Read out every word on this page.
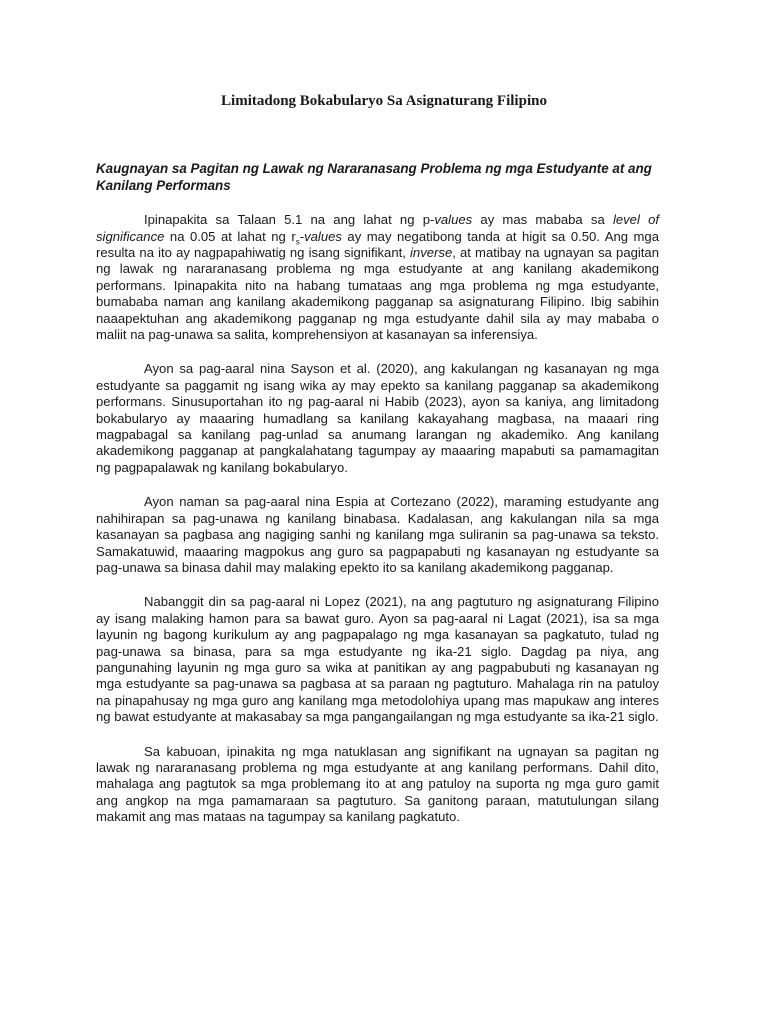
Limitadong Bokabularyo Sa Asignaturang Filipino

Kaugnayan sa Pagitan ng Lawak ng Nararanasang Problema ng mga Estudyante at ang Kanilang Performans

Ipinapakita sa Talaan 5.1 na ang lahat ng p-values ay mas mababa sa level of significance na 0.05 at lahat ng $r_s$-values ay may negatibong tanda at higit sa 0.50. Ang mga resulta na ito ay nagpapahiwatig ng isang signifikant, inverse, at matibay na ugnayan sa pagitan ng lawak ng nararanasang problema ng mga estudyante at ang kanilang akademikong performans. Ipinapakita nito na habang tumataas ang mga problema ng mga estudyante, bumababa naman ang kanilang akademikong pagganap sa asignaturang Filipino. Ibig sabihin naaapektuhan ang akademikong pagganap ng mga estudyante dahil sila ay may mababa o maliit na pag-unawa sa salita, komprehensiyon at kasanayan sa inferensiya.

Ayon sa pag-aaral nina Sayson et al. (2020), ang kakulangan ng kasanayan ng mga estudyante sa paggamit ng isang wika ay may epekto sa kanilang pagganap sa akademikong performans. Sinusuportahan ito ng pag-aaral ni Habib (2023), ayon sa kaniya, ang limitadong bokabularyo ay maaaring humadlang sa kanilang kakayahang magbasa, na maaari ring magpabagal sa kanilang pag-unlad sa anumang larangan ng akademiko. Ang kanilang akademikong pagganap at pangkalahatang tagumpay ay maaaring mapabuti sa pamamagitan ng pagpapalawak ng kanilang bokabularyo.

Ayon naman sa pag-aaral nina Espia at Cortezano (2022), maraming estudyante ang nahihirapan sa pag-unawa ng kanilang binabasa. Kadalasan, ang kakulangan nila sa mga kasanayan sa pagbasa ang nagiging sanhi ng kanilang mga suliranin sa pag-unawa sa teksto. Samakatuwid, maaaring magpokus ang guro sa pagpapabuti ng kasanayan ng estudyante sa pag-unawa sa binasa dahil may malaking epekto ito sa kanilang akademikong pagganap.

Nabanggit din sa pag-aaral ni Lopez (2021), na ang pagtuturo ng asignaturang Filipino ay isang malaking hamon para sa bawat guro. Ayon sa pag-aaral ni Lagat (2021), isa sa mga layunin ng bagong kurikulum ay ang pagpapalago ng mga kasanayan sa pagkatuto, tulad ng pag-unawa sa binasa, para sa mga estudyante ng ika-21 siglo. Dagdag pa niya, ang pangunahing layunin ng mga guro sa wika at panitikan ay ang pagpabubuti ng kasanayan ng mga estudyante sa pag-unawa sa pagbasa at sa paraan ng pagtuturo. Mahalaga rin na patuloy na pinapahusay ng mga guro ang kanilang mga metodolohiya upang mas mapukaw ang interes ng bawat estudyante at makasabay sa mga pangangailangan ng mga estudyante sa ika-21 siglo.

Sa kabuoan, ipinakita ng mga natuklasan ang signifikant na ugnayan sa pagitan ng lawak ng nararanasang problema ng mga estudyante at ang kanilang performans. Dahil dito, mahalaga ang pagtutok sa mga problemang ito at ang patuloy na suporta ng mga guro gamit ang angkop na mga pamamaraan sa pagtuturo. Sa ganitong paraan, matutulungan silang makamit ang mas mataas na tagumpay sa kanilang pagkatuto.
